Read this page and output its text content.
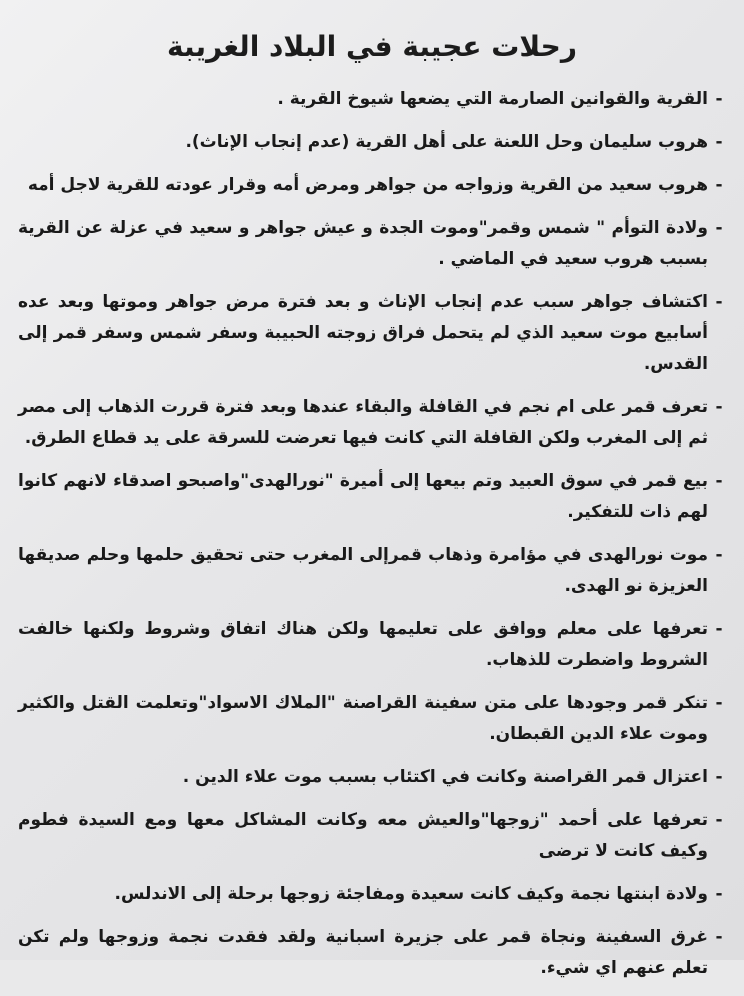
رحلات عجيبة في البلاد الغريبة
-
القرية والقوانين الصارمة التي يضعها شيوخ القرية .
-
هروب سليمان وحل اللعنة على أهل القرية (عدم إنجاب الإناث).
-
هروب سعيد من القرية وزواجه من جواهر ومرض أمه وقرار عودته للقرية لاجل أمه
-
ولادة التوأم " شمس وقمر"وموت الجدة و عيش جواهر و سعيد في عزلة عن القرية بسبب هروب سعيد في الماضي .
-
اكتشاف جواهر سبب عدم إنجاب الإناث و بعد فترة مرض جواهر وموتها وبعد عده أسابيع موت سعيد الذي لم يتحمل فراق زوجته الحبيبة وسفر شمس وسفر قمر إلى القدس.
-
تعرف قمر على ام نجم في القافلة والبقاء عندها وبعد فترة قررت الذهاب إلى مصر ثم إلى المغرب ولكن القافلة التي كانت فيها تعرضت للسرقة على يد قطاع الطرق.
-
بيع قمر في سوق العبيد وتم بيعها إلى أميرة "نورالهدى"واصبحو اصدقاء لانهم كانوا لهم ذات للتفكير.
-
موت نورالهدى في مؤامرة وذهاب قمرإلى المغرب حتى تحقيق حلمها وحلم صديقها العزيزة نو الهدى.
-
تعرفها على معلم ووافق على تعليمها ولكن هناك اتفاق وشروط ولكنها خالفت الشروط واضطرت للذهاب.
-
تنكر قمر وجودها على متن سفينة القراصنة "الملاك الاسواد"وتعلمت القتل والكثير وموت علاء الدين القبطان.
-
اعتزال قمر القراصنة وكانت في اكتئاب بسبب موت علاء الدين .
-
تعرفها على أحمد "زوجها"والعيش معه وكانت المشاكل معها ومع السيدة فطوم وكيف كانت لا ترضى
-
ولادة ابنتها نجمة وكيف كانت سعيدة ومفاجئة زوجها برحلة إلى الاندلس.
-
غرق السفينة ونجاة قمر على جزيرة اسبانية ولقد فقدت نجمة وزوجها ولم تكن تعلم عنهم اي شيء.
